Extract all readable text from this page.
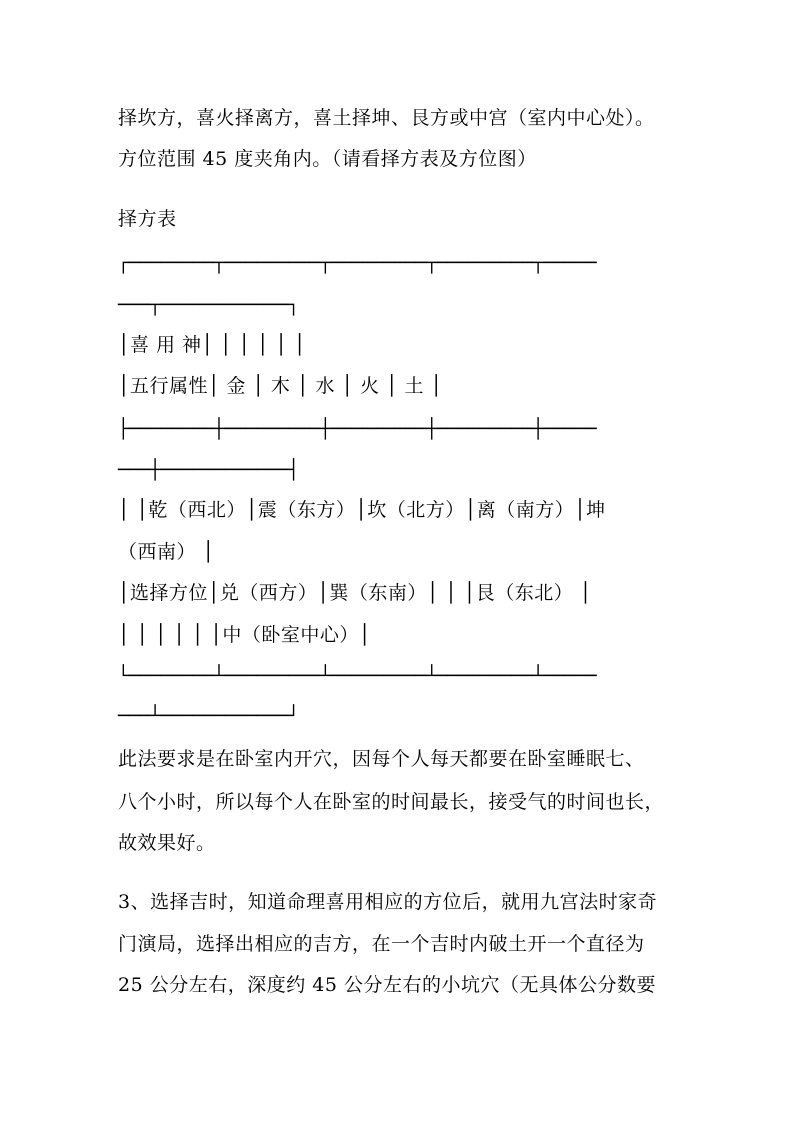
择坎方，喜火择离方，喜土择坤、艮方或中宫（室内中心处）。

方位范围 45 度夹角内。（请看择方表及方位图）

择方表

┌────────┬─────────┬─────────┬─────────┬─────

───┬────────────┐

│喜 用 神│ │ │ │ │ │

│五行属性│ 金 │ 木 │ 水 │ 火 │ 土 │

├────────┼─────────┼─────────┼─────────┼─────

───┼────────────┤

│ │乾（西北）│震（东方）│坎（北方）│离（南方）│坤

（西南） │

│选择方位│兑（西方）│巽（东南）│ │ │艮（东北） │

│ │ │ │ │ │中（卧室中心）│

└────────┴─────────┴─────────┴─────────┴─────

───┴────────────┘

此法要求是在卧室内开穴，因每个人每天都要在卧室睡眠七、

八个小时，所以每个人在卧室的时间最长，接受气的时间也长，

故效果好。

3、选择吉时，知道命理喜用相应的方位后，就用九宫法时家奇

门演局，选择出相应的吉方，在一个吉时内破土开一个直径为

25 公分左右，深度约 45 公分左右的小坑穴（无具体公分数要
